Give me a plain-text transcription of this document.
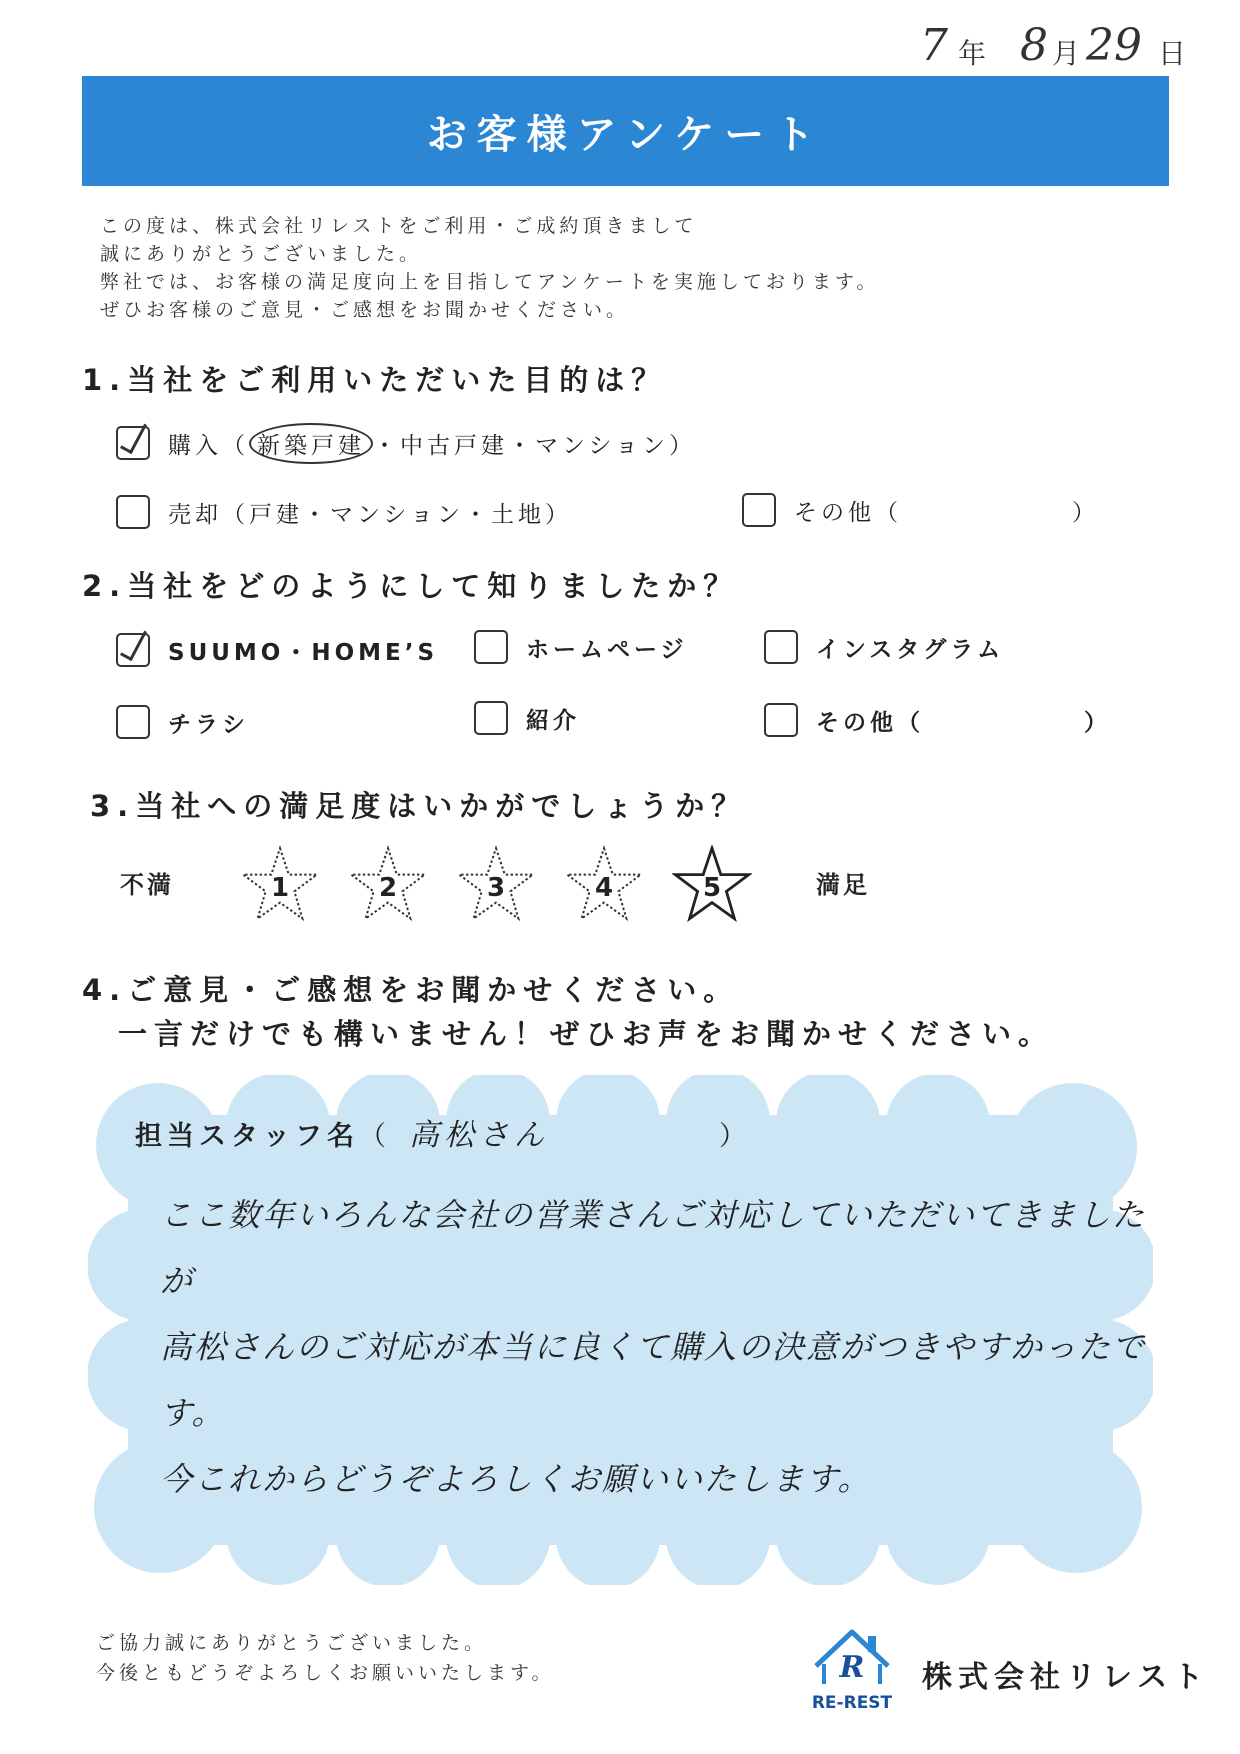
7 年 8 月 29 日
お客様アンケート
この度は、株式会社リレストをご利用・ご成約頂きまして
誠にありがとうございました。
弊社では、お客様の満足度向上を目指してアンケートを実施しております。
ぜひお客様のご意見・ご感想をお聞かせください。
1.当社をご利用いただいた目的は？
購入（ 新築戸建 ・中古戸建・マンション）
売却（戸建・マンション・土地）	その他（	）
2.当社をどのようにして知りましたか？
SUUMO・HOME’S	ホームページ	インスタグラム
チラシ	紹介	その他（	）
3.当社への満足度はいかがでしょうか？
不満	1	2	3	4	5	満足
4.ご意見・ご感想をお聞かせください。
一言だけでも構いません！ぜひお声をお聞かせください。
担当スタッフ名（ 高松さん	）
ここ数年いろんな会社の営業さんご対応していただいてきましたが
高松さんのご対応が本当に良くて購入の決意がつきやすかったです。
今これからどうぞよろしくお願いいたします。
ご協力誠にありがとうございました。
今後ともどうぞよろしくお願いいたします。	R
RE-REST
株式会社リレスト
